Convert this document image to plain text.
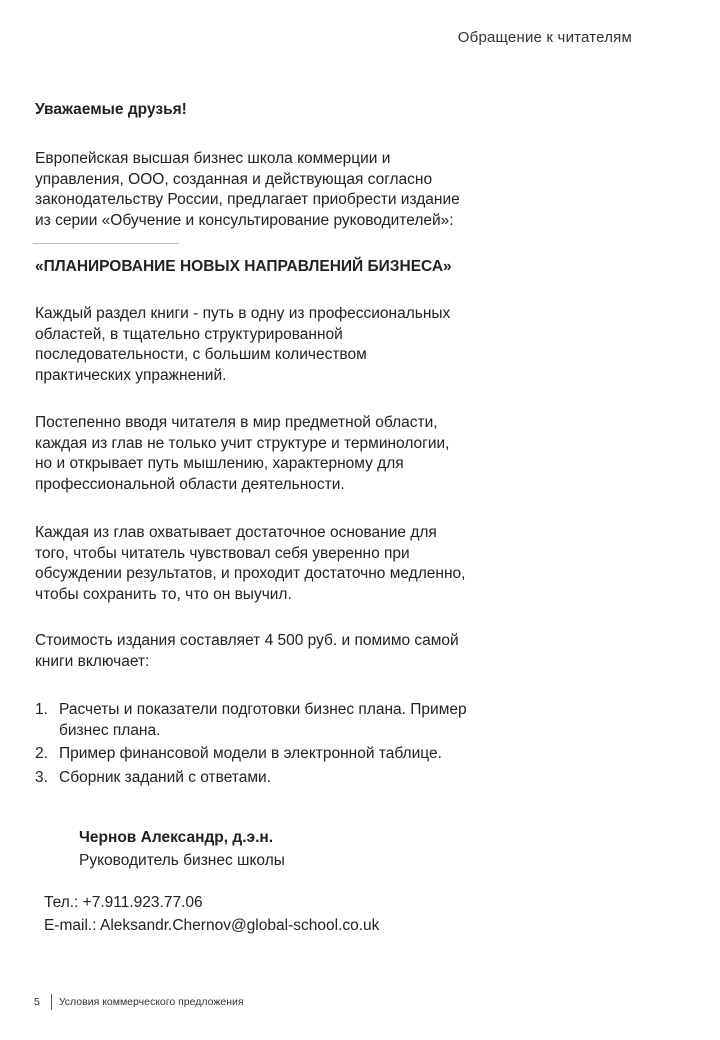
Обращение к читателям
Уважаемые друзья!
Европейская высшая бизнес школа коммерции и
управления, ООО, созданная и действующая согласно
законодательству России, предлагает приобрести издание
из серии «Обучение и консультирование руководителей»:
«ПЛАНИРОВАНИЕ НОВЫХ НАПРАВЛЕНИЙ БИЗНЕСА»
Каждый раздел книги - путь в одну из профессиональных
областей, в тщательно структурированной
последовательности, с большим количеством
практических упражнений.
Постепенно вводя читателя в мир предметной области,
каждая из глав не только учит структуре и терминологии,
но и открывает путь мышлению, характерному для
профессиональной области деятельности.
Каждая из глав охватывает достаточное основание для
того, чтобы читатель чувствовал себя уверенно при
обсуждении результатов, и проходит достаточно медленно,
чтобы сохранить то, что он выучил.
Стоимость издания составляет 4 500 руб. и помимо самой
книги включает:
1. Расчеты и показатели подготовки бизнес плана. Пример
бизнес плана.
2. Пример финансовой модели в электронной таблице.
3. Сборник заданий с ответами.
Чернов Александр, д.э.н.
Руководитель бизнес школы
Тел.: +7.911.923.77.06
E-mail.: Aleksandr.Chernov@global-school.co.uk
5	Условия коммерческого предложения
